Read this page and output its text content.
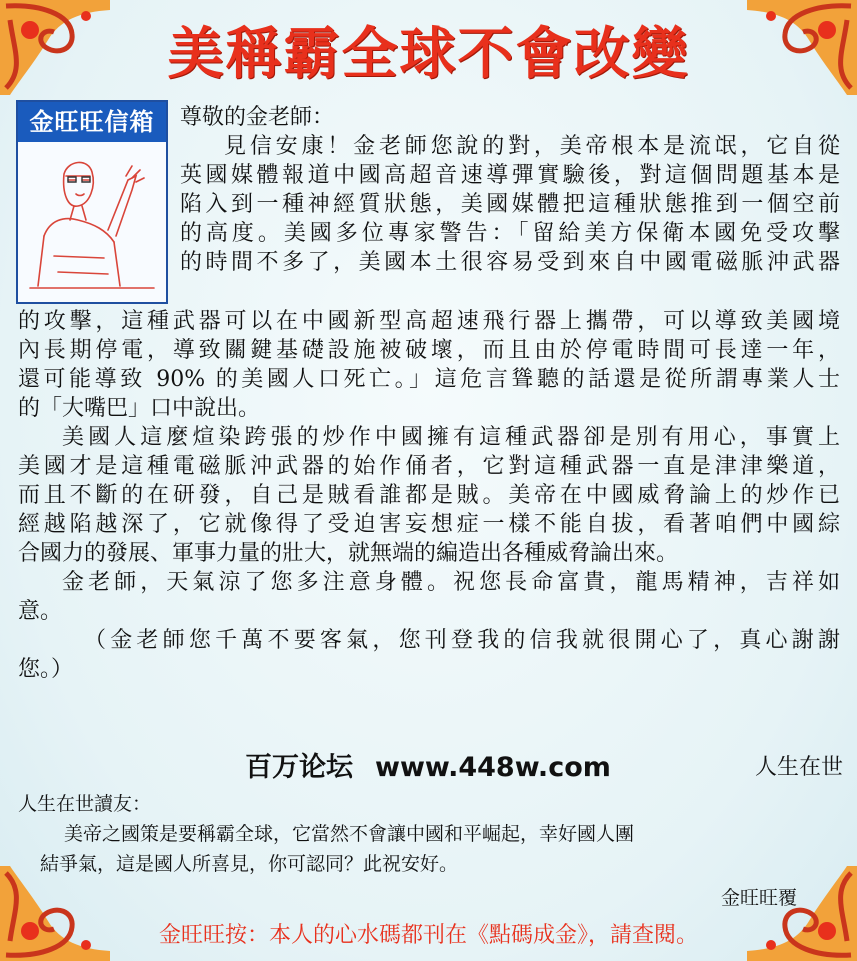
美稱霸全球不會改變
金旺旺信箱	尊敬的金老師：
見信安康！金老師您說的對，美帝根本是流氓，它自從
英國媒體報道中國高超音速導彈實驗後，對這個問題基本是
陷入到一種神經質狀態，美國媒體把這種狀態推到一個空前
的高度。美國多位專家警告：「留給美方保衛本國免受攻擊
的時間不多了，美國本土很容易受到來自中國電磁脈沖武器
的攻擊，這種武器可以在中國新型高超速飛行器上攜帶，可以導致美國境
內長期停電，導致關鍵基礎設施被破壞，而且由於停電時間可長達一年，
還可能導致 90% 的美國人口死亡。」這危言聳聽的話還是從所謂專業人士
的「大嘴巴」口中說出。
美國人這麼煊染跨張的炒作中國擁有這種武器卻是別有用心，事實上
美國才是這種電磁脈沖武器的始作俑者，它對這種武器一直是津津樂道，
而且不斷的在研發，自己是賊看誰都是賊。美帝在中國威脅論上的炒作已
經越陷越深了，它就像得了受迫害妄想症一樣不能自拔，看著咱們中國綜
合國力的發展、軍事力量的壯大，就無端的編造出各種威脅論出來。
金老師，天氣涼了您多注意身體。祝您長命富貴，龍馬精神，吉祥如
意。
（金老師您千萬不要客氣，您刊登我的信我就很開心了，真心謝謝
您。）
百万论坛 www.448w.com	人生在世
人生在世讀友：
美帝之國策是要稱霸全球，它當然不會讓中國和平崛起，幸好國人團
結爭氣，這是國人所喜見，你可認同？此祝安好。
金旺旺覆
金旺旺按：本人的心水碼都刊在《點碼成金》，請查閱。
